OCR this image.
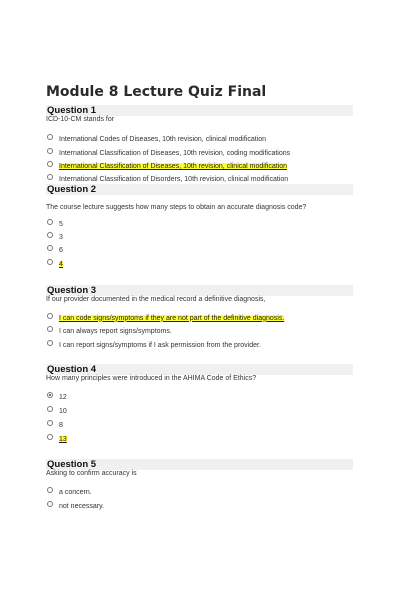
Module 8 Lecture Quiz Final
Question 1
ICD-10-CM stands for
International Codes of Diseases, 10th revision, clinical modification
International Classification of Diseases, 10th revision, coding modifications
International Classification of Diseases, 10th revision, clinical modification
International Classification of Disorders, 10th revision, clinical modification
Question 2
The course lecture suggests how many steps to obtain an accurate diagnosis code?
5
3
6
4
Question 3
If our provider documented in the medical record a definitive diagnosis,
I can code signs/symptoms if they are not part of the definitive diagnosis.
I can always report signs/symptoms.
I can report signs/symptoms if I ask permission from the provider.
Question 4
How many principles were introduced in the AHIMA Code of Ethics?
12
10
8
13
Question 5
Asking to confirm accuracy is
a concern.
not necessary.
